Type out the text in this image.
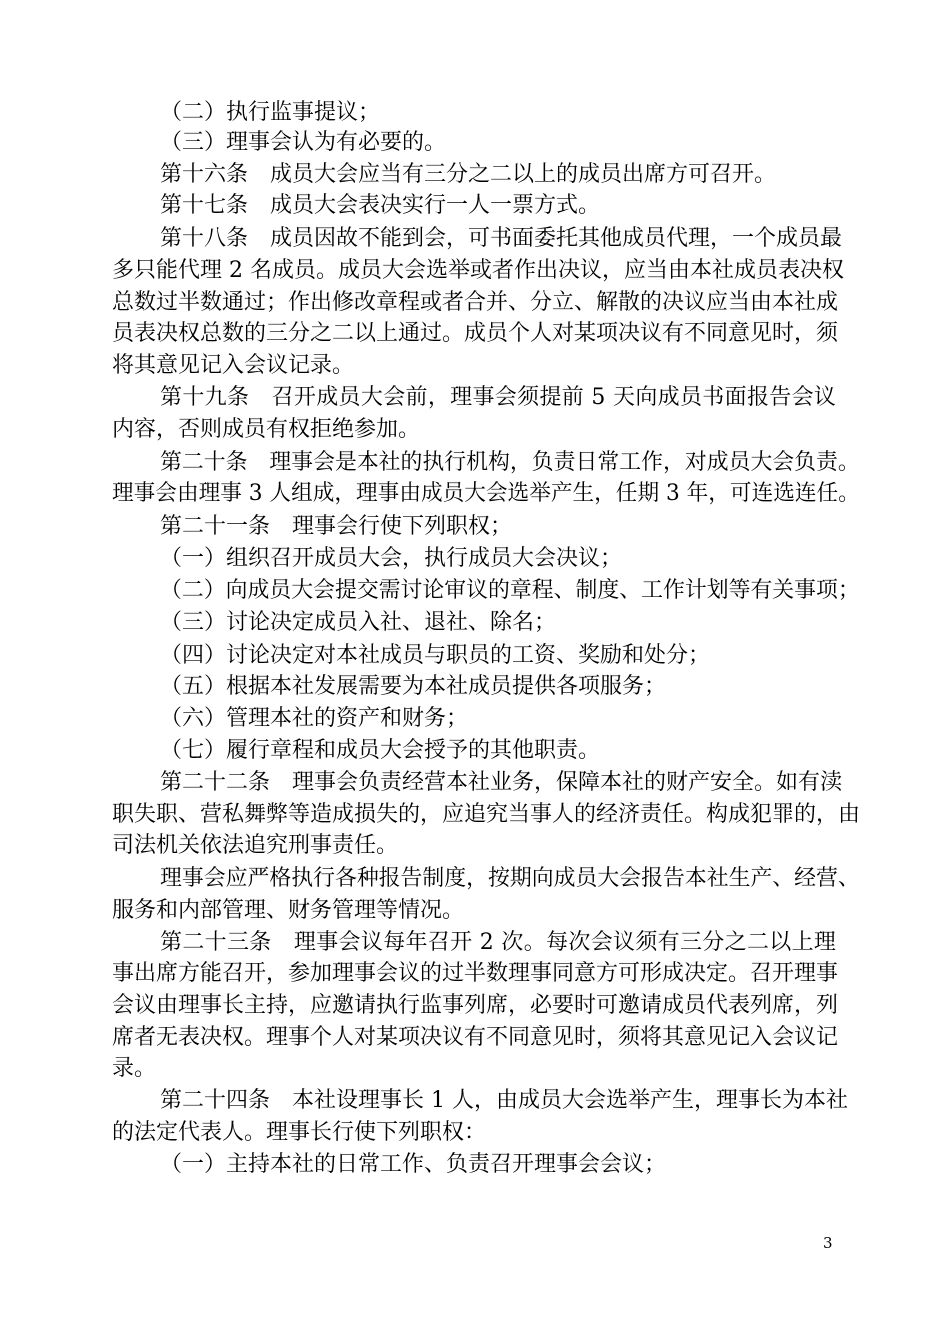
（二）执行监事提议；
（三）理事会认为有必要的。
第十六条　成员大会应当有三分之二以上的成员出席方可召开。
第十七条　成员大会表决实行一人一票方式。
第十八条　成员因故不能到会，可书面委托其他成员代理，一个成员最
多只能代理 2 名成员。成员大会选举或者作出决议，应当由本社成员表决权
总数过半数通过；作出修改章程或者合并、分立、解散的决议应当由本社成
员表决权总数的三分之二以上通过。成员个人对某项决议有不同意见时，须
将其意见记入会议记录。
第十九条　召开成员大会前，理事会须提前 5 天向成员书面报告会议
内容，否则成员有权拒绝参加。
第二十条　理事会是本社的执行机构，负责日常工作，对成员大会负责。
理事会由理事 3 人组成，理事由成员大会选举产生，任期 3 年，可连选连任。
第二十一条　理事会行使下列职权；
（一）组织召开成员大会，执行成员大会决议；
（二）向成员大会提交需讨论审议的章程、制度、工作计划等有关事项；
（三）讨论决定成员入社、退社、除名；
（四）讨论决定对本社成员与职员的工资、奖励和处分；
（五）根据本社发展需要为本社成员提供各项服务；
（六）管理本社的资产和财务；
（七）履行章程和成员大会授予的其他职责。
第二十二条　理事会负责经营本社业务，保障本社的财产安全。如有渎
职失职、营私舞弊等造成损失的，应追究当事人的经济责任。构成犯罪的，由
司法机关依法追究刑事责任。
理事会应严格执行各种报告制度，按期向成员大会报告本社生产、经营、
服务和内部管理、财务管理等情况。
第二十三条　理事会议每年召开 2 次。每次会议须有三分之二以上理
事出席方能召开，参加理事会议的过半数理事同意方可形成决定。召开理事
会议由理事长主持，应邀请执行监事列席，必要时可邀请成员代表列席，列
席者无表决权。理事个人对某项决议有不同意见时，须将其意见记入会议记
录。
第二十四条　本社设理事长 1 人，由成员大会选举产生，理事长为本社
的法定代表人。理事长行使下列职权：
（一）主持本社的日常工作、负责召开理事会会议；
3
